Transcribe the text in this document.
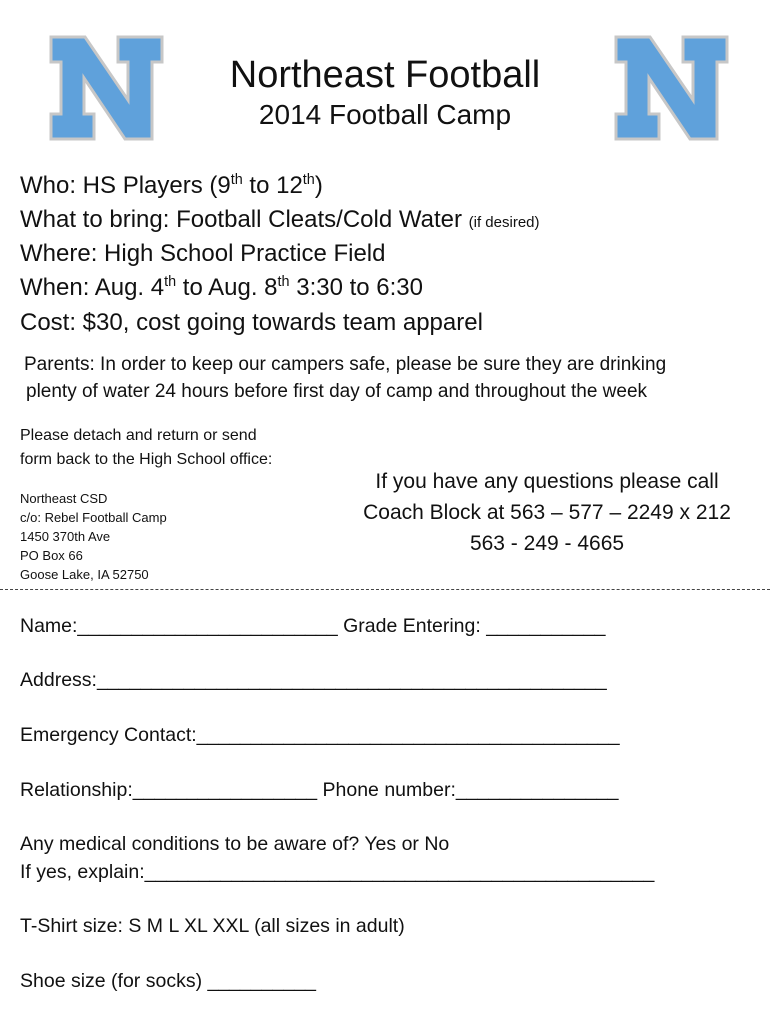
Northeast Football
2014 Football Camp
Who: HS Players (9th to 12th)
What to bring: Football Cleats/Cold Water (if desired)
Where: High School Practice Field
When: Aug. 4th to Aug. 8th 3:30 to 6:30
Cost: $30, cost going towards team apparel
Parents: In order to keep our campers safe, please be sure they are drinking
plenty of water 24 hours before first day of camp and throughout the week
Please detach and return or send
form back to the High School office:
Northeast CSD
c/o: Rebel Football Camp
1450 370th Ave
PO Box 66
Goose Lake, IA 52750
If you have any questions please call
Coach Block at 563 – 577 – 2249 x 212
563 - 249 - 4665
Name:________________________ Grade Entering: ___________
Address:_______________________________________________
Emergency Contact:_______________________________________
Relationship:_________________ Phone number:_______________
Any medical conditions to be aware of? Yes or No
If yes, explain:_______________________________________________
T-Shirt size: S M L XL XXL (all sizes in adult)
Shoe size (for socks) __________
